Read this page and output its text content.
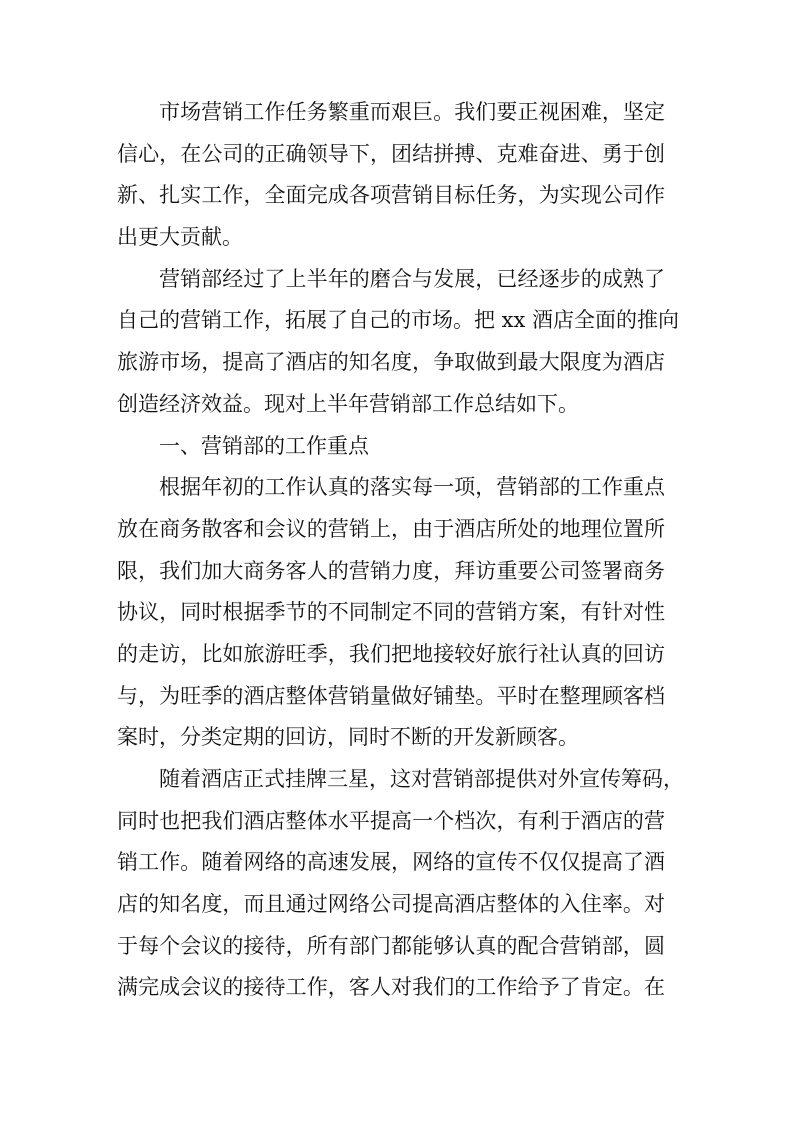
市场营销工作任务繁重而艰巨。我们要正视困难，坚定
信心，在公司的正确领导下，团结拼搏、克难奋进、勇于创
新、扎实工作，全面完成各项营销目标任务，为实现公司作
出更大贡献。
营销部经过了上半年的磨合与发展，已经逐步的成熟了
自己的营销工作，拓展了自己的市场。把 xx 酒店全面的推向
旅游市场，提高了酒店的知名度，争取做到最大限度为酒店
创造经济效益。现对上半年营销部工作总结如下。
一、营销部的工作重点
根据年初的工作认真的落实每一项，营销部的工作重点
放在商务散客和会议的营销上，由于酒店所处的地理位置所
限，我们加大商务客人的营销力度，拜访重要公司签署商务
协议，同时根据季节的不同制定不同的营销方案，有针对性
的走访，比如旅游旺季，我们把地接较好旅行社认真的回访
与，为旺季的酒店整体营销量做好铺垫。平时在整理顾客档
案时，分类定期的回访，同时不断的开发新顾客。
随着酒店正式挂牌三星，这对营销部提供对外宣传筹码，
同时也把我们酒店整体水平提高一个档次，有利于酒店的营
销工作。随着网络的高速发展，网络的宣传不仅仅提高了酒
店的知名度，而且通过网络公司提高酒店整体的入住率。对
于每个会议的接待，所有部门都能够认真的配合营销部，圆
满完成会议的接待工作，客人对我们的工作给予了肯定。在
